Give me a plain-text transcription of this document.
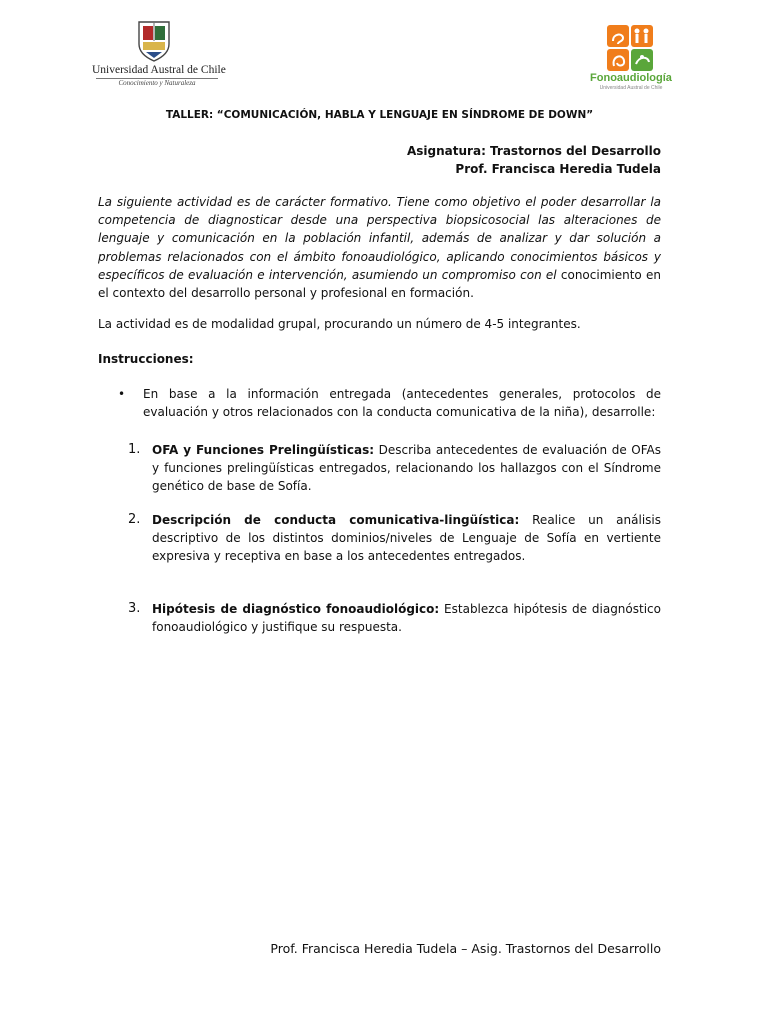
Universidad Austral de Chile
Conocimiento y Naturaleza	Fonoaudiología
Universidad Austral de Chile
TALLER: “COMUNICACIÓN, HABLA Y LENGUAJE EN SÍNDROME DE DOWN”
Asignatura: Trastornos del Desarrollo
Prof. Francisca Heredia Tudela
La siguiente actividad es de carácter formativo. Tiene como objetivo el poder desarrollar la competencia de diagnosticar desde una perspectiva biopsicosocial las alteraciones de lenguaje y comunicación en la población infantil, además de analizar y dar solución a problemas relacionados con el ámbito fonoaudiológico, aplicando conocimientos básicos y específicos de evaluación e intervención, asumiendo un compromiso con el conocimiento en el contexto del desarrollo personal y profesional en formación.
La actividad es de modalidad grupal, procurando un número de 4-5 integrantes.
Instrucciones:
• En base a la información entregada (antecedentes generales, protocolos de evaluación y otros relacionados con la conducta comunicativa de la niña), desarrolle:
1. OFA y Funciones Prelingüísticas: Describa antecedentes de evaluación de OFAs y funciones prelingüísticas entregados, relacionando los hallazgos con el Síndrome genético de base de Sofía.
2. Descripción de conducta comunicativa-lingüística: Realice un análisis descriptivo de los distintos dominios/niveles de Lenguaje de Sofía en vertiente expresiva y receptiva en base a los antecedentes entregados.
3. Hipótesis de diagnóstico fonoaudiológico: Establezca hipótesis de diagnóstico fonoaudiológico y justifique su respuesta.
Prof. Francisca Heredia Tudela – Asig. Trastornos del Desarrollo
